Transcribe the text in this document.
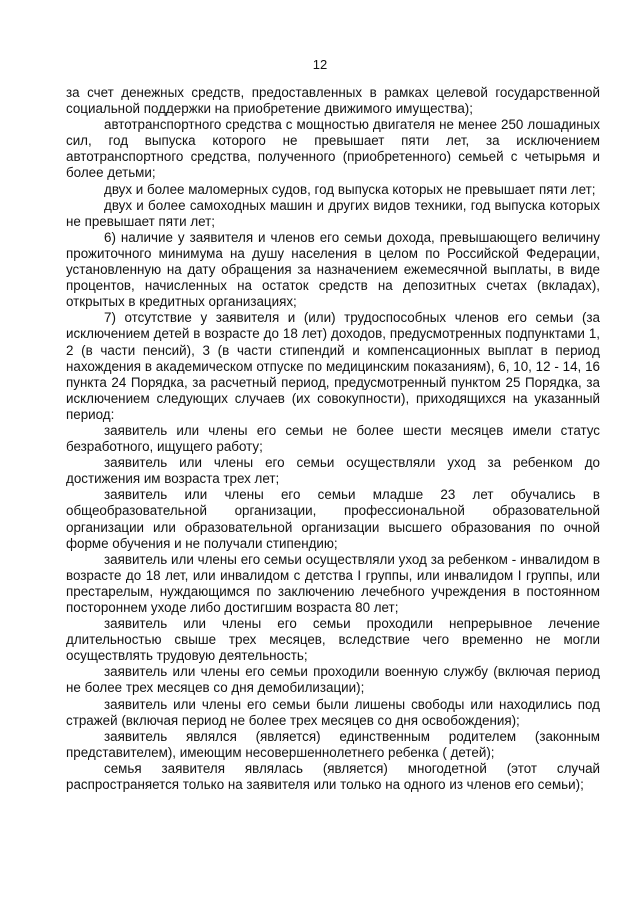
12

за счет денежных средств, предоставленных в рамках целевой государственной социальной поддержки на приобретение движимого имущества);

автотранспортного средства с мощностью двигателя не менее 250 лошадиных сил, год выпуска которого не превышает пяти лет, за исключением автотранспортного средства, полученного (приобретенного) семьей с четырьмя и более детьми;

двух и более маломерных судов, год выпуска которых не превышает пяти лет;

двух и более самоходных машин и других видов техники, год выпуска которых не превышает пяти лет;

6) наличие у заявителя и членов его семьи дохода, превышающего величину прожиточного минимума на душу населения в целом по Российской Федерации, установленную на дату обращения за назначением ежемесячной выплаты, в виде процентов, начисленных на остаток средств на депозитных счетах (вкладах), открытых в кредитных организациях;

7) отсутствие у заявителя и (или) трудоспособных членов его семьи (за исключением детей в возрасте до 18 лет) доходов, предусмотренных подпунктами 1, 2 (в части пенсий), 3 (в части стипендий и компенсационных выплат в период нахождения в академическом отпуске по медицинским показаниям), 6, 10, 12 - 14, 16 пункта 24 Порядка, за расчетный период, предусмотренный пунктом 25 Порядка, за исключением следующих случаев (их совокупности), приходящихся на указанный период:

заявитель или члены его семьи не более шести месяцев имели статус безработного, ищущего работу;

заявитель или члены его семьи осуществляли уход за ребенком до достижения им возраста трех лет;

заявитель или члены его семьи младше 23 лет обучались в общеобразовательной организации, профессиональной образовательной организации или образовательной организации высшего образования по очной форме обучения и не получали стипендию;

заявитель или члены его семьи осуществляли уход за ребенком - инвалидом в возрасте до 18 лет, или инвалидом с детства I группы, или инвалидом I группы, или престарелым, нуждающимся по заключению лечебного учреждения в постоянном постороннем уходе либо достигшим возраста 80 лет;

заявитель или члены его семьи проходили непрерывное лечение длительностью свыше трех месяцев, вследствие чего временно не могли осуществлять трудовую деятельность;

заявитель или члены его семьи проходили военную службу (включая период не более трех месяцев со дня демобилизации);

заявитель или члены его семьи были лишены свободы или находились под стражей (включая период не более трех месяцев со дня освобождения);

заявитель являлся (является) единственным родителем (законным представителем), имеющим несовершеннолетнего ребенка ( детей);

семья заявителя являлась (является) многодетной (этот случай распространяется только на заявителя или только на одного из членов его семьи);
